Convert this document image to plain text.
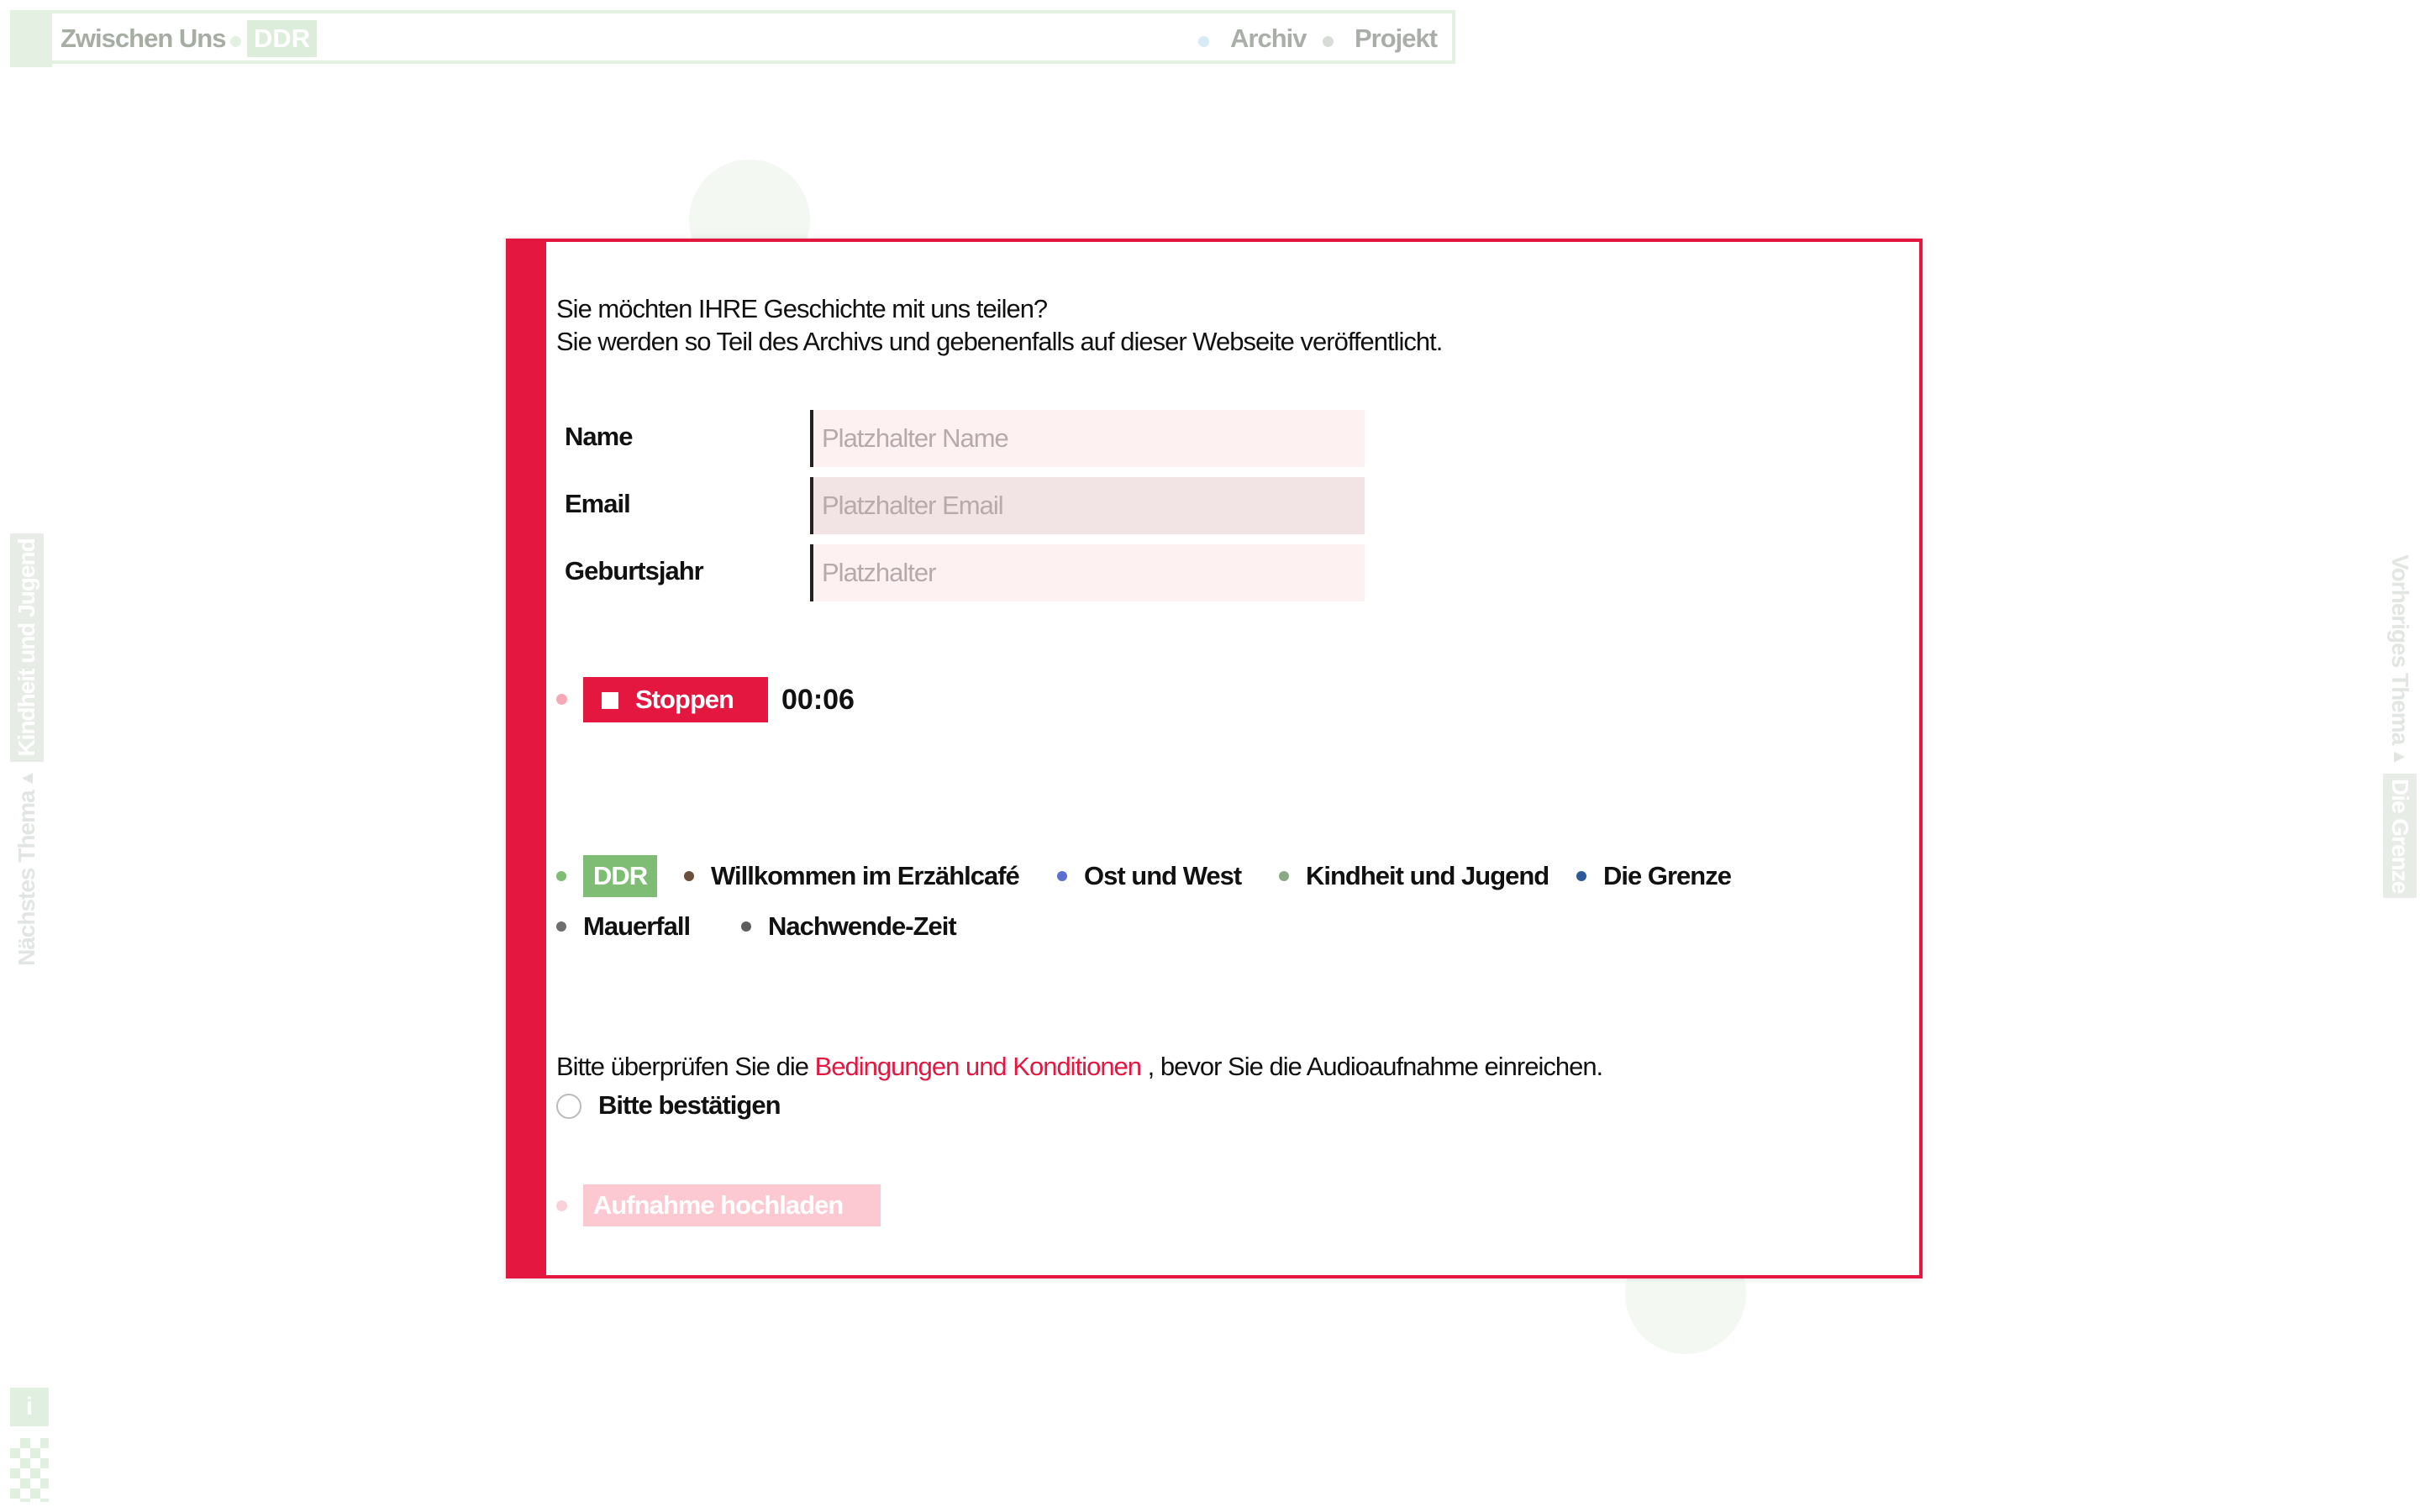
Zwischen Uns DDR	Archiv Projekt
Nächstes Thema
▲
Kindheit und Jugend	Vorheriges Thema
▲
Die Grenze
i
Sie möchten IHRE Geschichte mit uns teilen?
Sie werden so Teil des Archivs und gebenenfalls auf dieser Webseite veröffentlicht.
Name
Platzhalter Name
Email
Platzhalter Email
Geburtsjahr
Platzhalter
Stoppen 00:06
DDR	Willkommen im Erzählcafé Ost und West Kindheit und Jugend Die Grenze
Mauerfall	Nachwende-Zeit
Bitte überprüfen Sie die Bedingungen und Konditionen , bevor Sie die Audioaufnahme einreichen.
Bitte bestätigen
Aufnahme hochladen
